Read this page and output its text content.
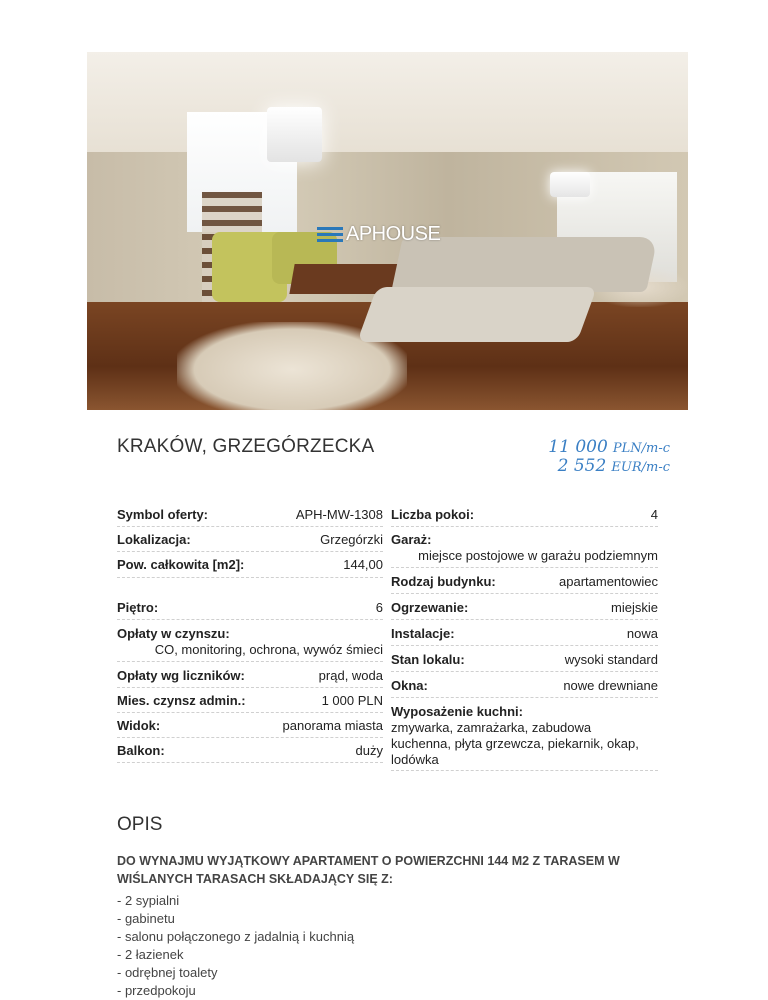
APHOUSE
KRAKÓW, GRZEGÓRZECKA	11 000 PLN/m-c
2 552 EUR/m-c
Symbol oferty:	APH-MW-1308
Lokalizacja:	Grzegórzki
Pow. całkowita [m2]:	144,00
Piętro:	6
Opłaty w czynszu:
CO, monitoring, ochrona, wywóz śmieci
Opłaty wg liczników:	prąd, woda
Mies. czynsz admin.:	1 000 PLN
Widok:	panorama miasta
Balkon:	duży
Liczba pokoi:	4
Garaż:
miejsce postojowe w garażu podziemnym
Rodzaj budynku:	apartamentowiec
Ogrzewanie:	miejskie
Instalacje:	nowa
Stan lokalu:	wysoki standard
Okna:	nowe drewniane
Wyposażenie kuchni:
zmywarka, zamrażarka, zabudowa
kuchenna, płyta grzewcza, piekarnik, okap,
lodówka
OPIS
DO WYNAJMU WYJĄTKOWY APARTAMENT O POWIERZCHNI 144 M2 Z TARASEM W
WIŚLANYCH TARASACH SKŁADAJĄCY SIĘ Z:
- 2 sypialni
- gabinetu
- salonu połączonego z jadalnią i kuchnią
- 2 łazienek
- odrębnej toalety
- przedpokoju
